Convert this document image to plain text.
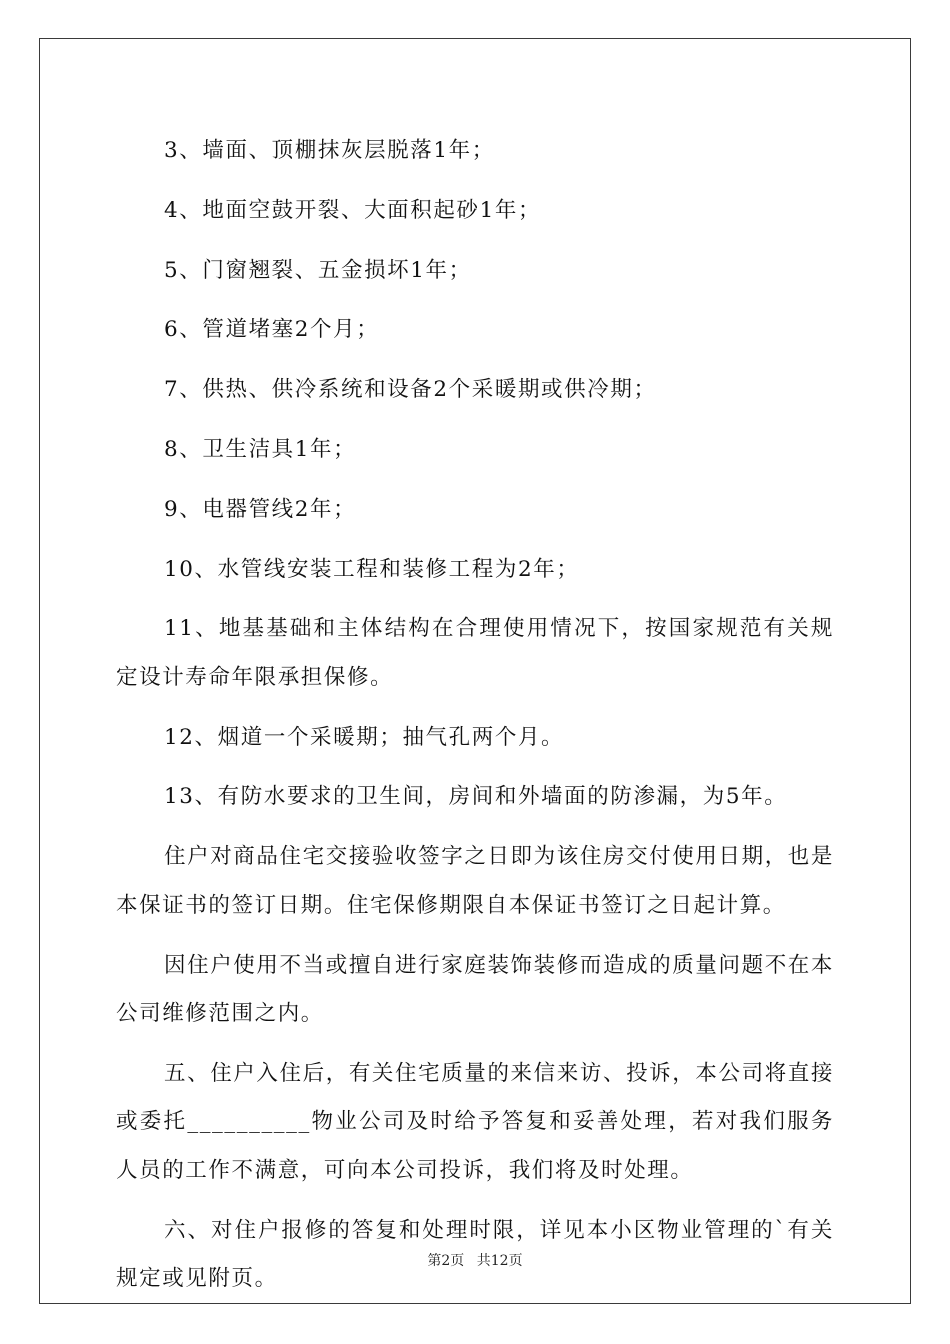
3、墙面、顶棚抹灰层脱落1年；

4、地面空鼓开裂、大面积起砂1年；

5、门窗翘裂、五金损坏1年；

6、管道堵塞2个月；

7、供热、供冷系统和设备2个采暖期或供冷期；

8、卫生洁具1年；

9、电器管线2年；

10、水管线安装工程和装修工程为2年；

11、地基基础和主体结构在合理使用情况下，按国家规范有关规定设计寿命年限承担保修。

12、烟道一个采暖期；抽气孔两个月。

13、有防水要求的卫生间，房间和外墙面的防渗漏，为5年。

住户对商品住宅交接验收签字之日即为该住房交付使用日期，也是本保证书的签订日期。住宅保修期限自本保证书签订之日起计算。

因住户使用不当或擅自进行家庭装饰装修而造成的质量问题不在本公司维修范围之内。

五、住户入住后，有关住宅质量的来信来访、投诉，本公司将直接或委托__________物业公司及时给予答复和妥善处理，若对我们服务人员的工作不满意，可向本公司投诉，我们将及时处理。

六、对住户报修的答复和处理时限，详见本小区物业管理的`有关规定或见附页。

第2页 共12页
